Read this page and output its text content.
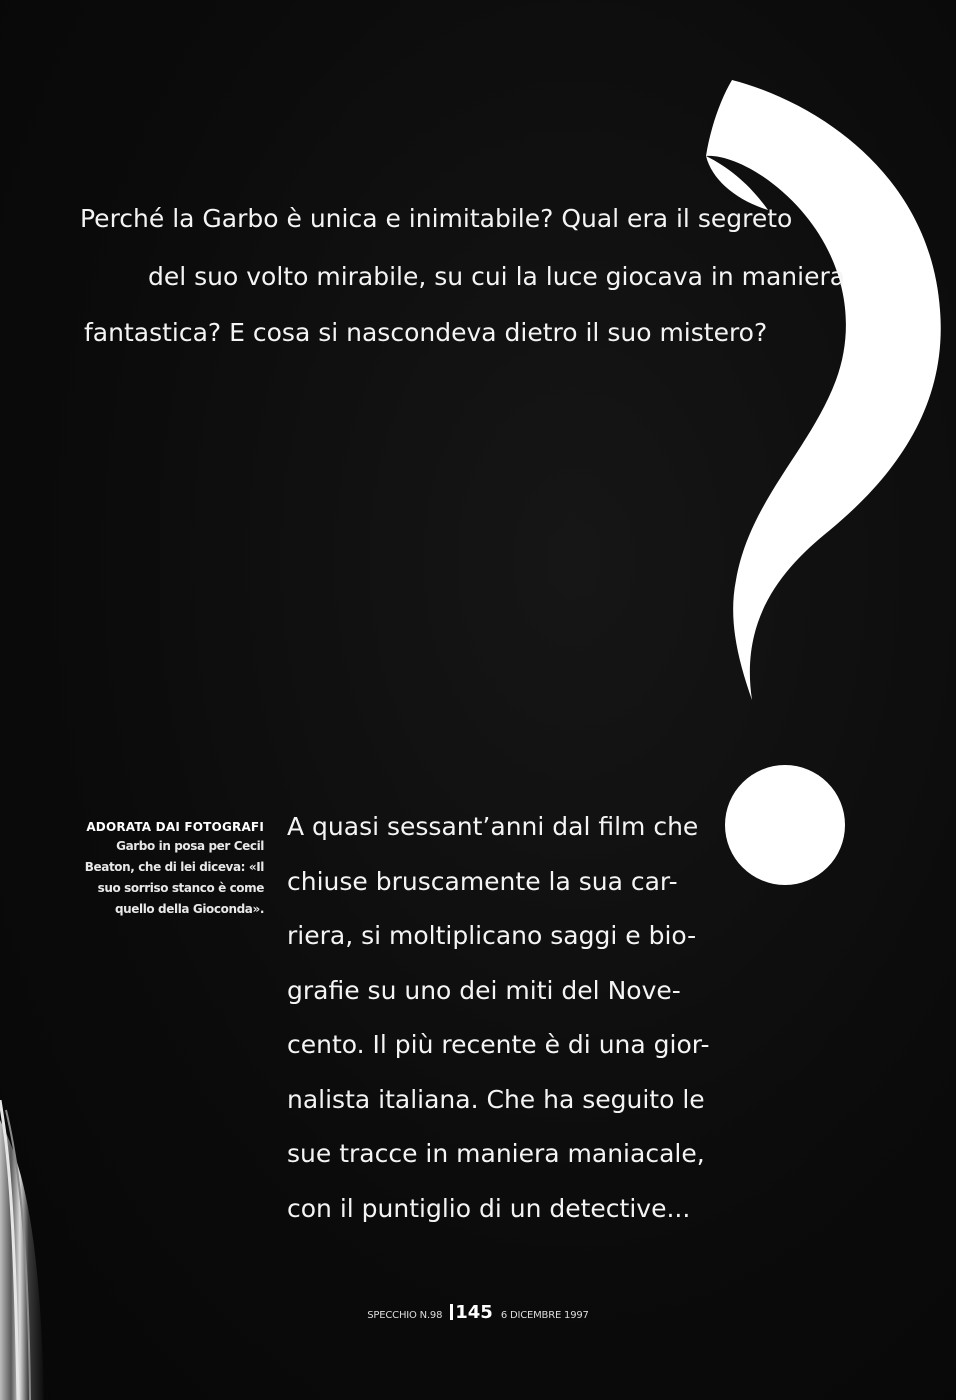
Perché la Garbo è unica e inimitabile? Qual era il segreto
del suo volto mirabile, su cui la luce giocava in maniera
fantastica? E cosa si nascondeva dietro il suo mistero?
ADORATA DAI FOTOGRAFI
Garbo in posa per Cecil
Beaton, che di lei diceva: «Il
suo sorriso stanco è come
quello della Gioconda».
A quasi sessant’anni dal film che
chiuse bruscamente la sua car-
riera, si moltiplicano saggi e bio-
grafie su uno dei miti del Nove-
cento. Il più recente è di una gior-
nalista italiana. Che ha seguito le
sue tracce in maniera maniacale,
con il puntiglio di un detective...
SPECCHIO N.98 145 6 DICEMBRE 1997
